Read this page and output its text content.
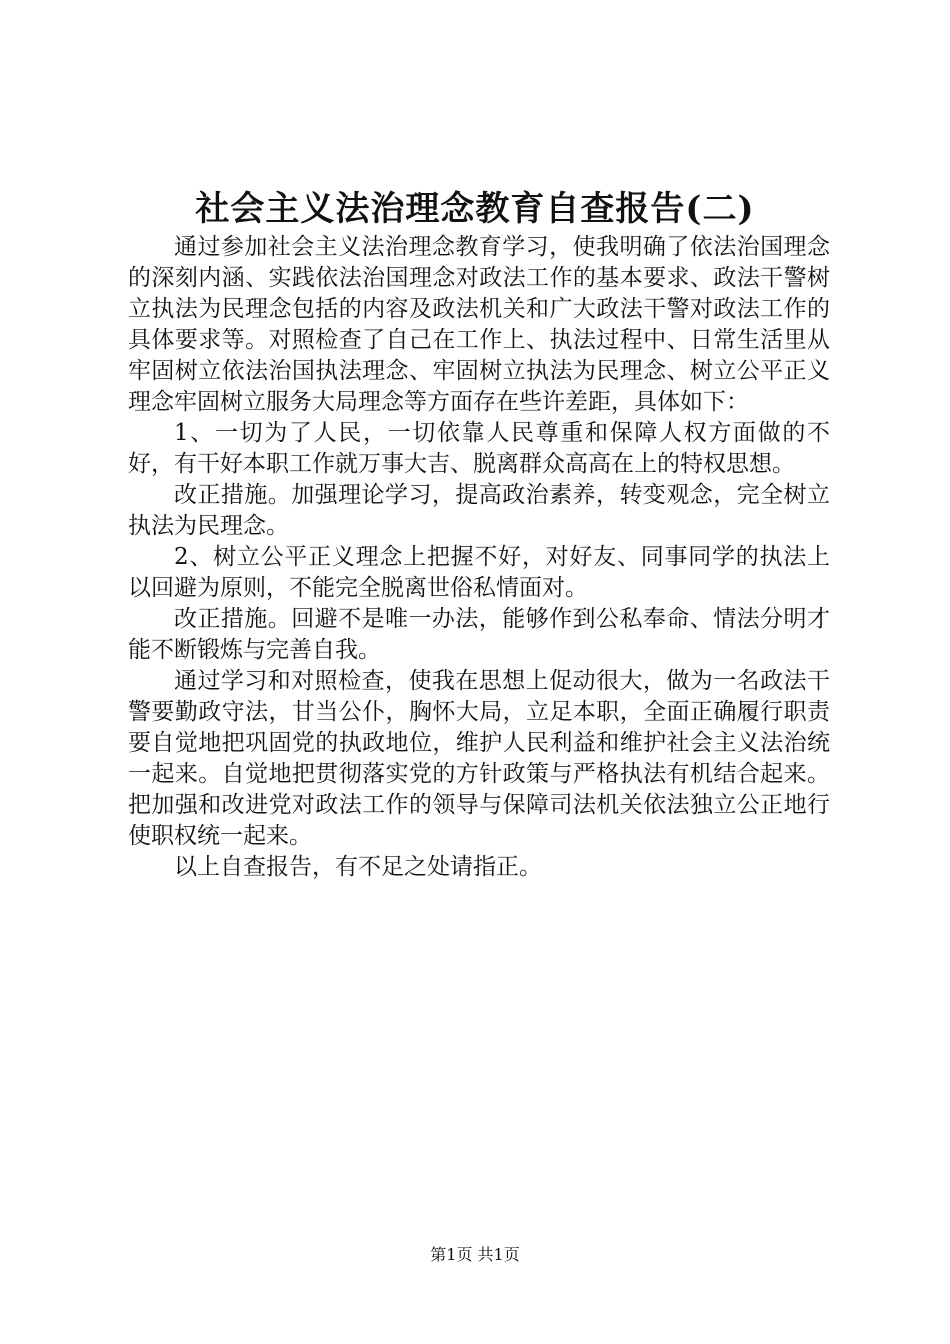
社会主义法治理念教育自查报告(二)

通过参加社会主义法治理念教育学习，使我明确了依法治国理念的深刻内涵、实践依法治国理念对政法工作的基本要求、政法干警树立执法为民理念包括的内容及政法机关和广大政法干警对政法工作的具体要求等。对照检查了自己在工作上、执法过程中、日常生活里从牢固树立依法治国执法理念、牢固树立执法为民理念、树立公平正义理念牢固树立服务大局理念等方面存在些许差距，具体如下：

1、一切为了人民，一切依靠人民尊重和保障人权方面做的不好，有干好本职工作就万事大吉、脱离群众高高在上的特权思想。

改正措施。加强理论学习，提高政治素养，转变观念，完全树立执法为民理念。

2、树立公平正义理念上把握不好，对好友、同事同学的执法上以回避为原则，不能完全脱离世俗私情面对。

改正措施。回避不是唯一办法，能够作到公私奉命、情法分明才能不断锻炼与完善自我。

通过学习和对照检查，使我在思想上促动很大，做为一名政法干警要勤政守法，甘当公仆，胸怀大局，立足本职，全面正确履行职责要自觉地把巩固党的执政地位，维护人民利益和维护社会主义法治统一起来。自觉地把贯彻落实党的方针政策与严格执法有机结合起来。把加强和改进党对政法工作的领导与保障司法机关依法独立公正地行使职权统一起来。

以上自查报告，有不足之处请指正。

第1页 共1页
